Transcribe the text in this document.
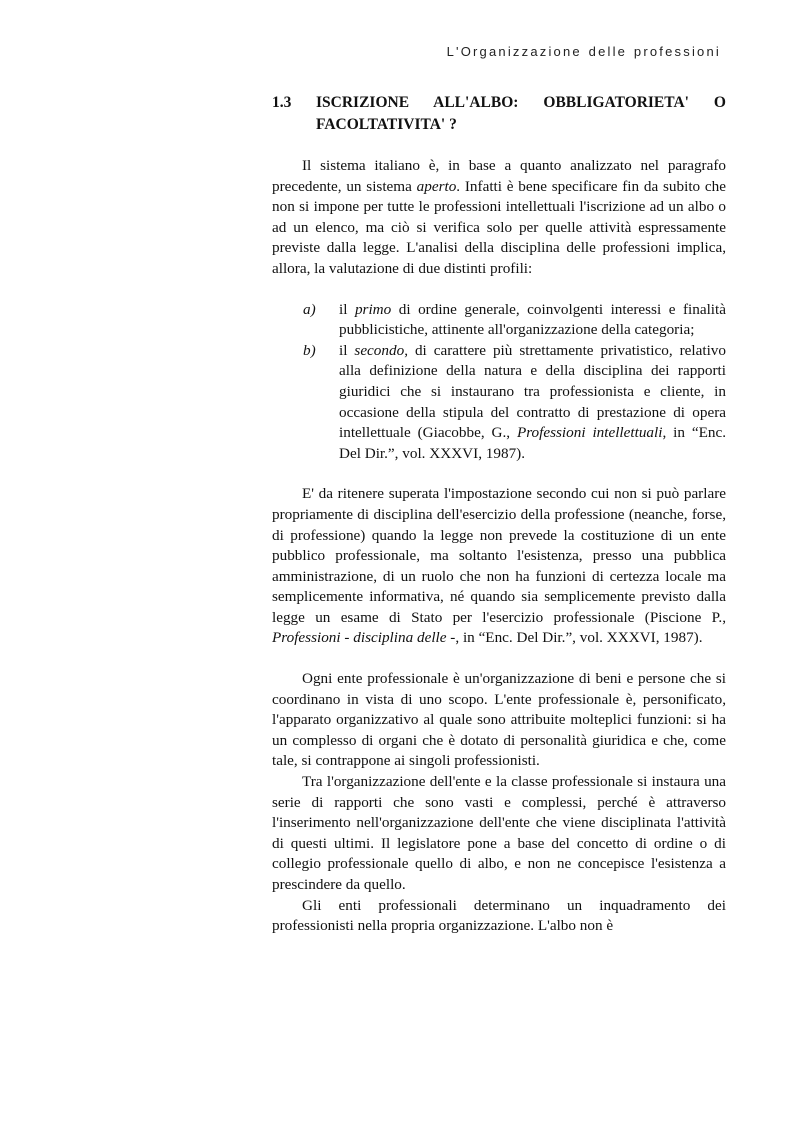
L'Organizzazione delle professioni
1.3	ISCRIZIONE ALL'ALBO: OBBLIGATORIETA' O FACOLTATIVITA' ?

Il sistema italiano è, in base a quanto analizzato nel paragrafo precedente, un sistema aperto. Infatti è bene specificare fin da subito che non si impone per tutte le professioni intellettuali l'iscrizione ad un albo o ad un elenco, ma ciò si verifica solo per quelle attività espressamente previste dalla legge. L'analisi della disciplina delle professioni implica, allora, la valutazione di due distinti profili:

a)	il primo di ordine generale, coinvolgenti interessi e finalità pubblicistiche, attinente all'organizzazione della categoria;
b)	il secondo, di carattere più strettamente privatistico, relativo alla definizione della natura e della disciplina dei rapporti giuridici che si instaurano tra professionista e cliente, in occasione della stipula del contratto di prestazione di opera intellettuale (Giacobbe, G., Professioni intellettuali, in “Enc. Del Dir.”, vol. XXXVI, 1987).

E' da ritenere superata l'impostazione secondo cui non si può parlare propriamente di disciplina dell'esercizio della professione (neanche, forse, di professione) quando la legge non prevede la costituzione di un ente pubblico professionale, ma soltanto l'esistenza, presso una pubblica amministrazione, di un ruolo che non ha funzioni di certezza locale ma semplicemente informativa, né quando sia semplicemente previsto dalla legge un esame di Stato per l'esercizio professionale (Piscione P., Professioni - disciplina delle -, in “Enc. Del Dir.”, vol. XXXVI, 1987).

Ogni ente professionale è un'organizzazione di beni e persone che si coordinano in vista di uno scopo. L'ente professionale è, personificato, l'apparato organizzativo al quale sono attribuite molteplici funzioni: si ha un complesso di organi che è dotato di personalità giuridica e che, come tale, si contrappone ai singoli professionisti.

Tra l'organizzazione dell'ente e la classe professionale si instaura una serie di rapporti che sono vasti e complessi, perché è attraverso l'inserimento nell'organizzazione dell'ente che viene disciplinata l'attività di questi ultimi. Il legislatore pone a base del concetto di ordine o di collegio professionale quello di albo, e non ne concepisce l'esistenza a prescindere da quello.

Gli enti professionali determinano un inquadramento dei professionisti nella propria organizzazione. L'albo non è
